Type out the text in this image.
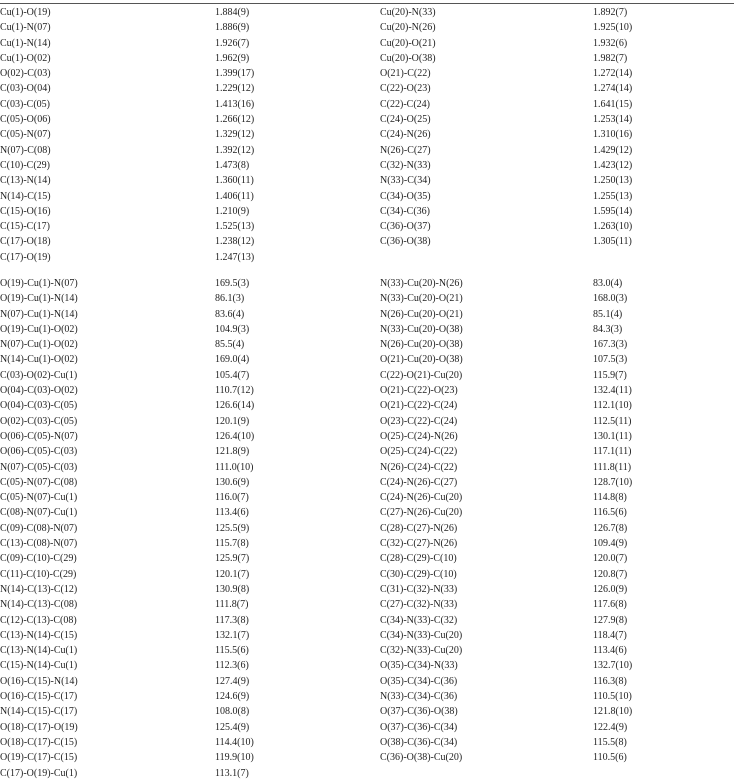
Cu(1)-O(19)	1.884(9)	Cu(20)-N(33)	1.892(7)
Cu(1)-N(07)	1.886(9)	Cu(20)-N(26)	1.925(10)
Cu(1)-N(14)	1.926(7)	Cu(20)-O(21)	1.932(6)
Cu(1)-O(02)	1.962(9)	Cu(20)-O(38)	1.982(7)
O(02)-C(03)	1.399(17)	O(21)-C(22)	1.272(14)
C(03)-O(04)	1.229(12)	C(22)-O(23)	1.274(14)
C(03)-C(05)	1.413(16)	C(22)-C(24)	1.641(15)
C(05)-O(06)	1.266(12)	C(24)-O(25)	1.253(14)
C(05)-N(07)	1.329(12)	C(24)-N(26)	1.310(16)
N(07)-C(08)	1.392(12)	N(26)-C(27)	1.429(12)
C(10)-C(29)	1.473(8)	C(32)-N(33)	1.423(12)
C(13)-N(14)	1.360(11)	N(33)-C(34)	1.250(13)
N(14)-C(15)	1.406(11)	C(34)-O(35)	1.255(13)
C(15)-O(16)	1.210(9)	C(34)-C(36)	1.595(14)
C(15)-C(17)	1.525(13)	C(36)-O(37)	1.263(10)
C(17)-O(18)	1.238(12)	C(36)-O(38)	1.305(11)
C(17)-O(19)	1.247(13)
O(19)-Cu(1)-N(07)	169.5(3)	N(33)-Cu(20)-N(26)	83.0(4)
O(19)-Cu(1)-N(14)	86.1(3)	N(33)-Cu(20)-O(21)	168.0(3)
N(07)-Cu(1)-N(14)	83.6(4)	N(26)-Cu(20)-O(21)	85.1(4)
O(19)-Cu(1)-O(02)	104.9(3)	N(33)-Cu(20)-O(38)	84.3(3)
N(07)-Cu(1)-O(02)	85.5(4)	N(26)-Cu(20)-O(38)	167.3(3)
N(14)-Cu(1)-O(02)	169.0(4)	O(21)-Cu(20)-O(38)	107.5(3)
C(03)-O(02)-Cu(1)	105.4(7)	C(22)-O(21)-Cu(20)	115.9(7)
O(04)-C(03)-O(02)	110.7(12)	O(21)-C(22)-O(23)	132.4(11)
O(04)-C(03)-C(05)	126.6(14)	O(21)-C(22)-C(24)	112.1(10)
O(02)-C(03)-C(05)	120.1(9)	O(23)-C(22)-C(24)	112.5(11)
O(06)-C(05)-N(07)	126.4(10)	O(25)-C(24)-N(26)	130.1(11)
O(06)-C(05)-C(03)	121.8(9)	O(25)-C(24)-C(22)	117.1(11)
N(07)-C(05)-C(03)	111.0(10)	N(26)-C(24)-C(22)	111.8(11)
C(05)-N(07)-C(08)	130.6(9)	C(24)-N(26)-C(27)	128.7(10)
C(05)-N(07)-Cu(1)	116.0(7)	C(24)-N(26)-Cu(20)	114.8(8)
C(08)-N(07)-Cu(1)	113.4(6)	C(27)-N(26)-Cu(20)	116.5(6)
C(09)-C(08)-N(07)	125.5(9)	C(28)-C(27)-N(26)	126.7(8)
C(13)-C(08)-N(07)	115.7(8)	C(32)-C(27)-N(26)	109.4(9)
C(09)-C(10)-C(29)	125.9(7)	C(28)-C(29)-C(10)	120.0(7)
C(11)-C(10)-C(29)	120.1(7)	C(30)-C(29)-C(10)	120.8(7)
N(14)-C(13)-C(12)	130.9(8)	C(31)-C(32)-N(33)	126.0(9)
N(14)-C(13)-C(08)	111.8(7)	C(27)-C(32)-N(33)	117.6(8)
C(12)-C(13)-C(08)	117.3(8)	C(34)-N(33)-C(32)	127.9(8)
C(13)-N(14)-C(15)	132.1(7)	C(34)-N(33)-Cu(20)	118.4(7)
C(13)-N(14)-Cu(1)	115.5(6)	C(32)-N(33)-Cu(20)	113.4(6)
C(15)-N(14)-Cu(1)	112.3(6)	O(35)-C(34)-N(33)	132.7(10)
O(16)-C(15)-N(14)	127.4(9)	O(35)-C(34)-C(36)	116.3(8)
O(16)-C(15)-C(17)	124.6(9)	N(33)-C(34)-C(36)	110.5(10)
N(14)-C(15)-C(17)	108.0(8)	O(37)-C(36)-O(38)	121.8(10)
O(18)-C(17)-O(19)	125.4(9)	O(37)-C(36)-C(34)	122.4(9)
O(18)-C(17)-C(15)	114.4(10)	O(38)-C(36)-C(34)	115.5(8)
O(19)-C(17)-C(15)	119.9(10)	C(36)-O(38)-Cu(20)	110.5(6)
C(17)-O(19)-Cu(1)	113.1(7)
